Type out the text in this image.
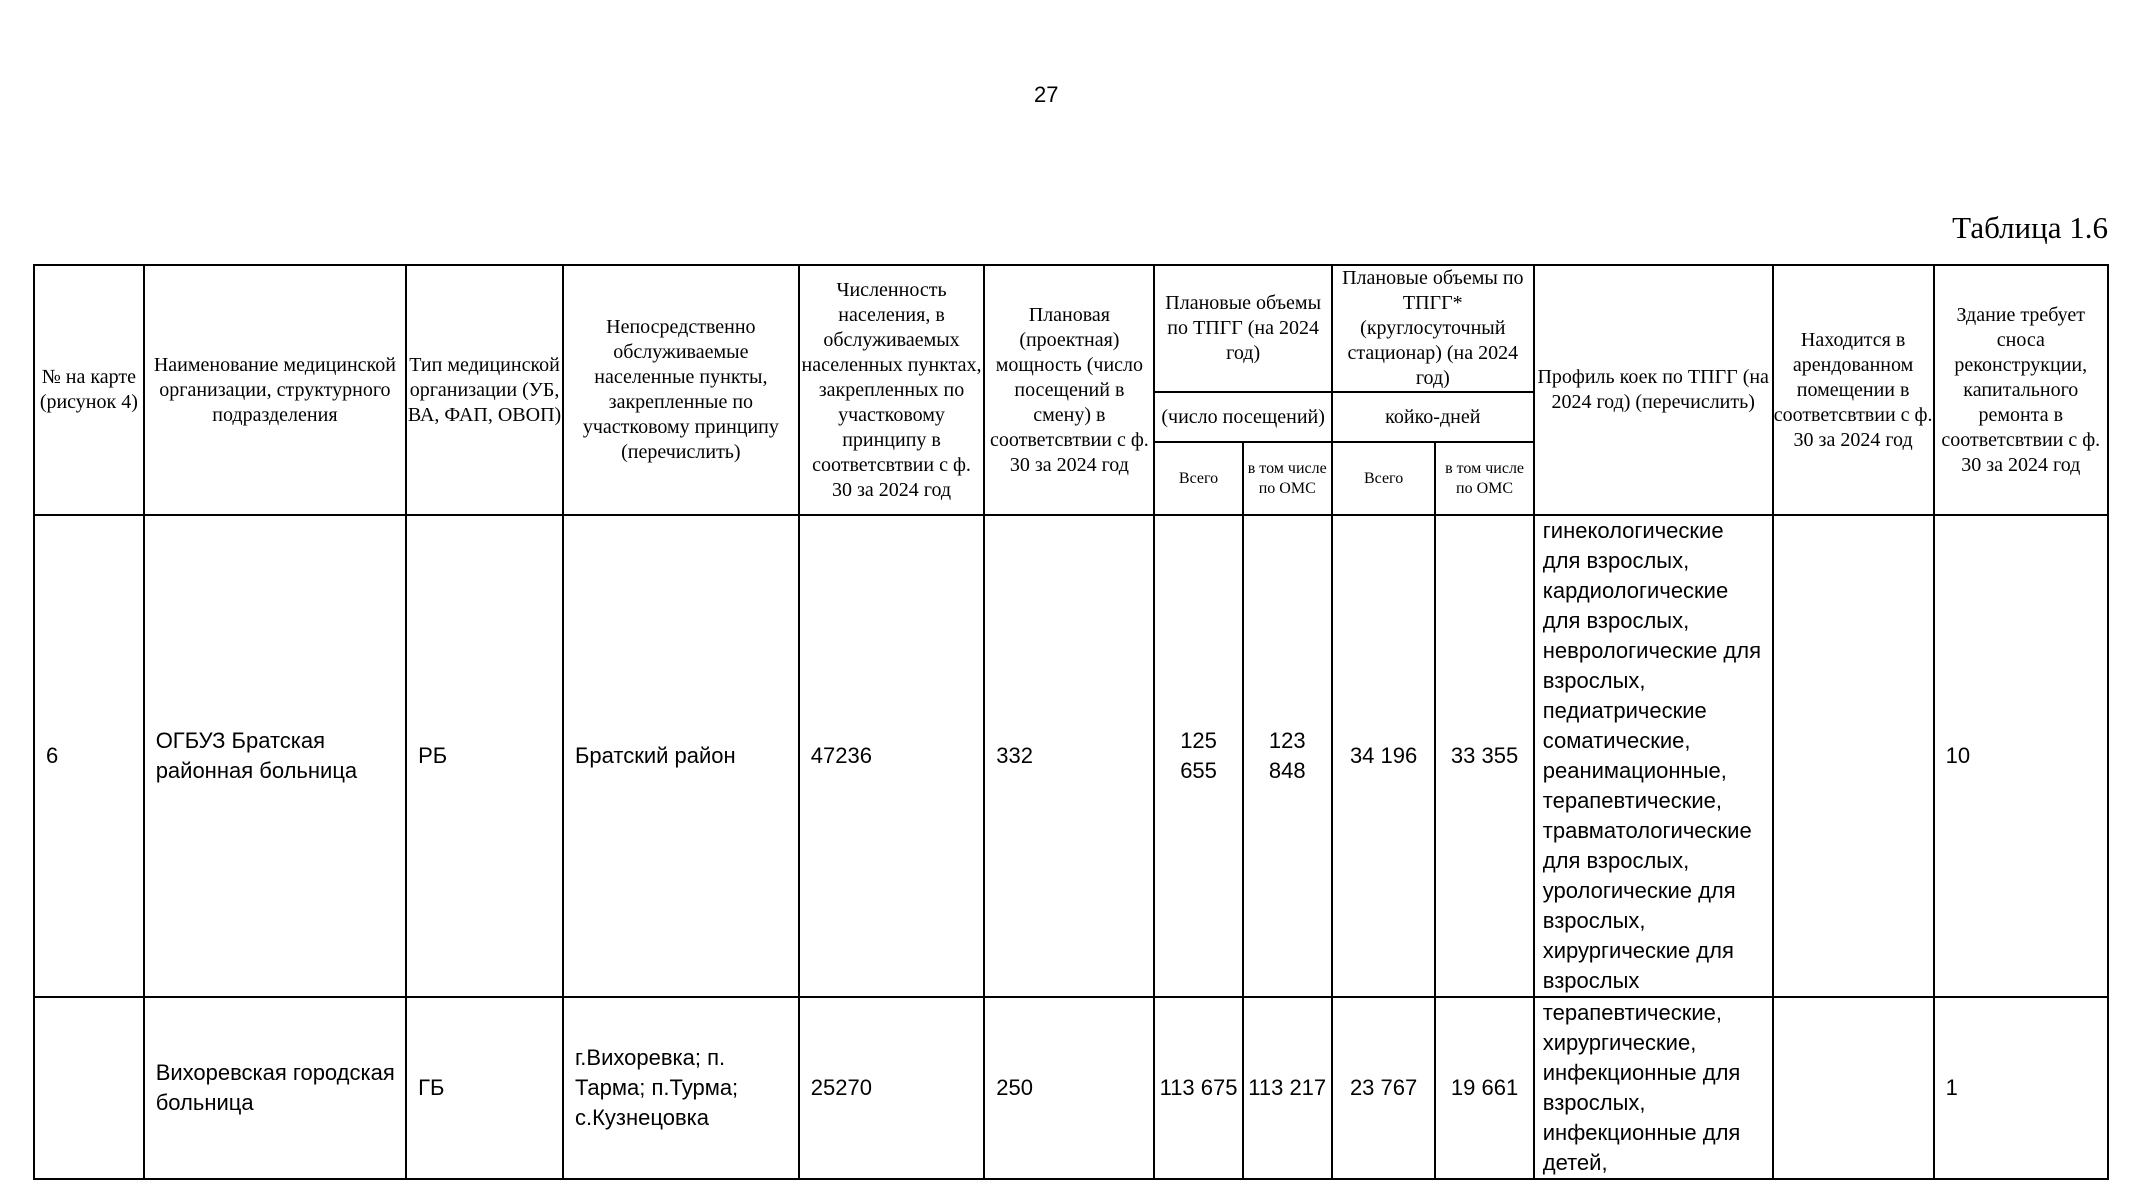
27
Таблица 1.6
№ на карте (рисунок 4)	Наименование медицинской организации, структурного подразделения	Тип медицинской организации (УБ, ВА, ФАП, ОВОП)	Непосредственно обслуживаемые населенные пункты, закрепленные по участковому принципу (перечислить)	Численность населения, в обслуживаемых населенных пунктах, закрепленных по участковому принципу в соответсвтвии с ф. 30 за 2024 год	Плановая (проектная) мощность (число посещений в смену) в соответсвтвии с ф. 30 за 2024 год	Плановые объемы по ТПГГ (на 2024 год)		Плановые объемы по ТПГГ* (круглосуточный стационар) (на 2024 год)		Профиль коек по ТПГГ (на 2024 год) (перечислить)	Находится в арендованном помещении в соответсвтвии с ф. 30 за 2024 год	Здание требует сноса реконструкции, капитального ремонта в соответсвтвии с ф. 30 за 2024 год
						(число посещений)		койко-дней				
						Всего	в том числе по ОМС	Всего	в том числе по ОМС			
6	ОГБУЗ Братская районная больница	РБ	Братский район	47236	332	125 655	123 848	34 196	33 355	гинекологические для взрослых, кардиологические для взрослых, неврологические для взрослых, педиатрические соматические, реанимационные, терапевтические, травматологические для взрослых, урологические для взрослых, хирургические для взрослых		10
	Вихоревская городская больница	ГБ	г.Вихоревка; п. Тарма; п.Турма; с.Кузнецовка	25270	250	113 675	113 217	23 767	19 661	терапевтические, хирургические, инфекционные для взрослых, инфекционные для детей,		1
